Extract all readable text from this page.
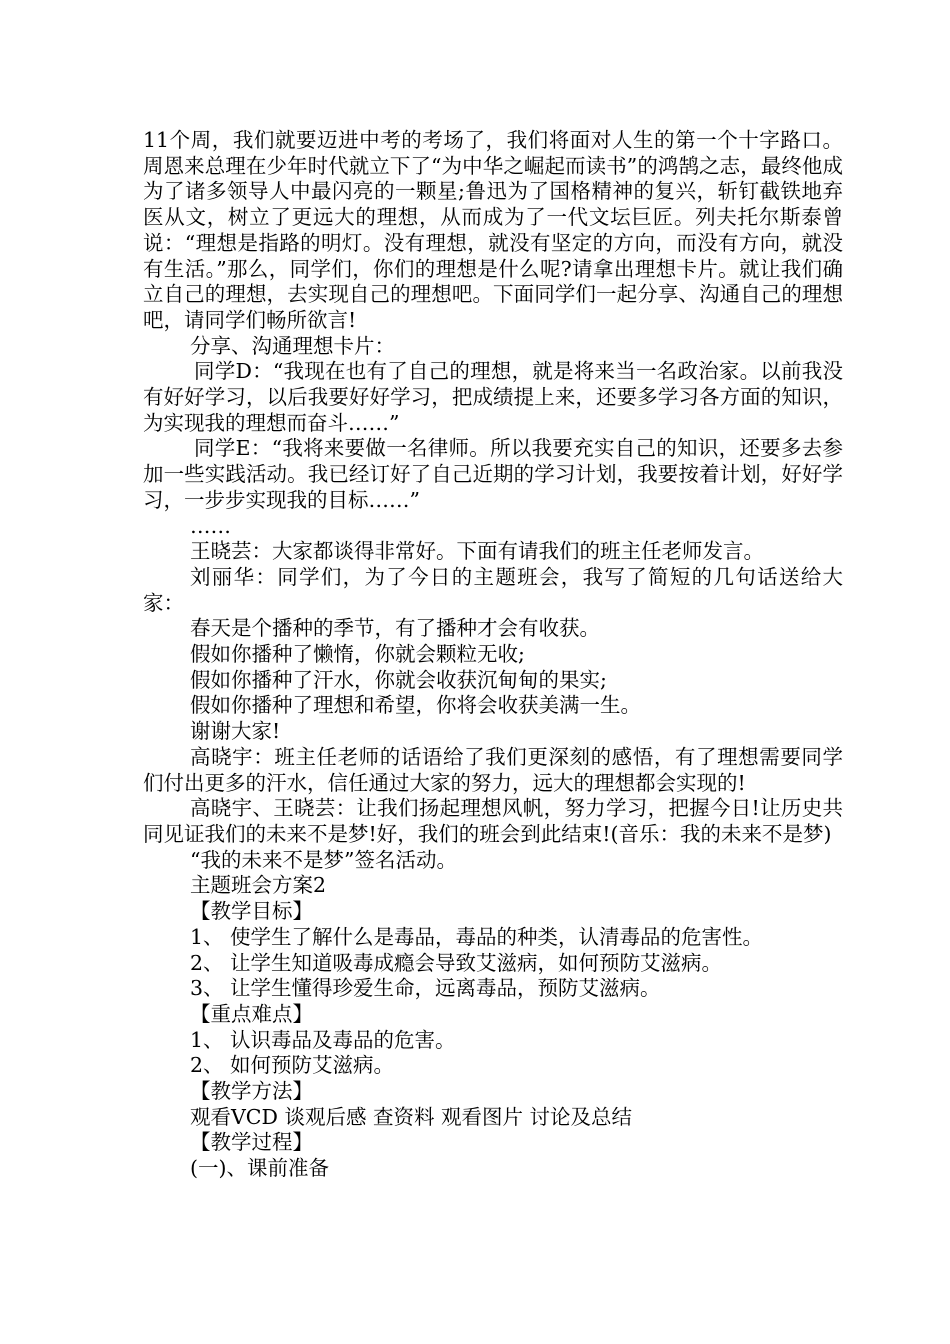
11个周，我们就要迈进中考的考场了，我们将面对人生的第一个十字路口。周恩来总理在少年时代就立下了“为中华之崛起而读书”的鸿鹄之志，最终他成为了诸多领导人中最闪亮的一颗星;鲁迅为了国格精神的复兴，斩钉截铁地弃医从文，树立了更远大的理想，从而成为了一代文坛巨匠。列夫托尔斯泰曾说：“理想是指路的明灯。没有理想，就没有坚定的方向，而没有方向，就没有生活。”那么，同学们，你们的理想是什么呢?请拿出理想卡片。就让我们确立自己的理想，去实现自己的理想吧。下面同学们一起分享、沟通自己的理想吧，请同学们畅所欲言!

分享、沟通理想卡片：

同学D：“我现在也有了自己的理想，就是将来当一名政治家。以前我没有好好学习，以后我要好好学习，把成绩提上来，还要多学习各方面的知识，为实现我的理想而奋斗……”

同学E：“我将来要做一名律师。所以我要充实自己的知识，还要多去参加一些实践活动。我已经订好了自己近期的学习计划，我要按着计划，好好学习，一步步实现我的目标……”

……

王晓芸：大家都谈得非常好。下面有请我们的班主任老师发言。

刘丽华：同学们，为了今日的主题班会，我写了简短的几句话送给大家：

春天是个播种的季节，有了播种才会有收获。

假如你播种了懒惰，你就会颗粒无收;

假如你播种了汗水，你就会收获沉甸甸的果实;

假如你播种了理想和希望，你将会收获美满一生。

谢谢大家!

高晓宇：班主任老师的话语给了我们更深刻的感悟，有了理想需要同学们付出更多的汗水，信任通过大家的努力，远大的理想都会实现的!

高晓宇、王晓芸：让我们扬起理想风帆，努力学习，把握今日!让历史共同见证我们的未来不是梦!好，我们的班会到此结束!(音乐：我的未来不是梦)

“我的未来不是梦”签名活动。

主题班会方案2

【教学目标】

1、 使学生了解什么是毒品，毒品的种类，认清毒品的危害性。

2、 让学生知道吸毒成瘾会导致艾滋病，如何预防艾滋病。

3、 让学生懂得珍爱生命，远离毒品，预防艾滋病。

【重点难点】

1、 认识毒品及毒品的危害。

2、 如何预防艾滋病。

【教学方法】

观看VCD 谈观后感 查资料 观看图片 讨论及总结

【教学过程】

(一)、课前准备
